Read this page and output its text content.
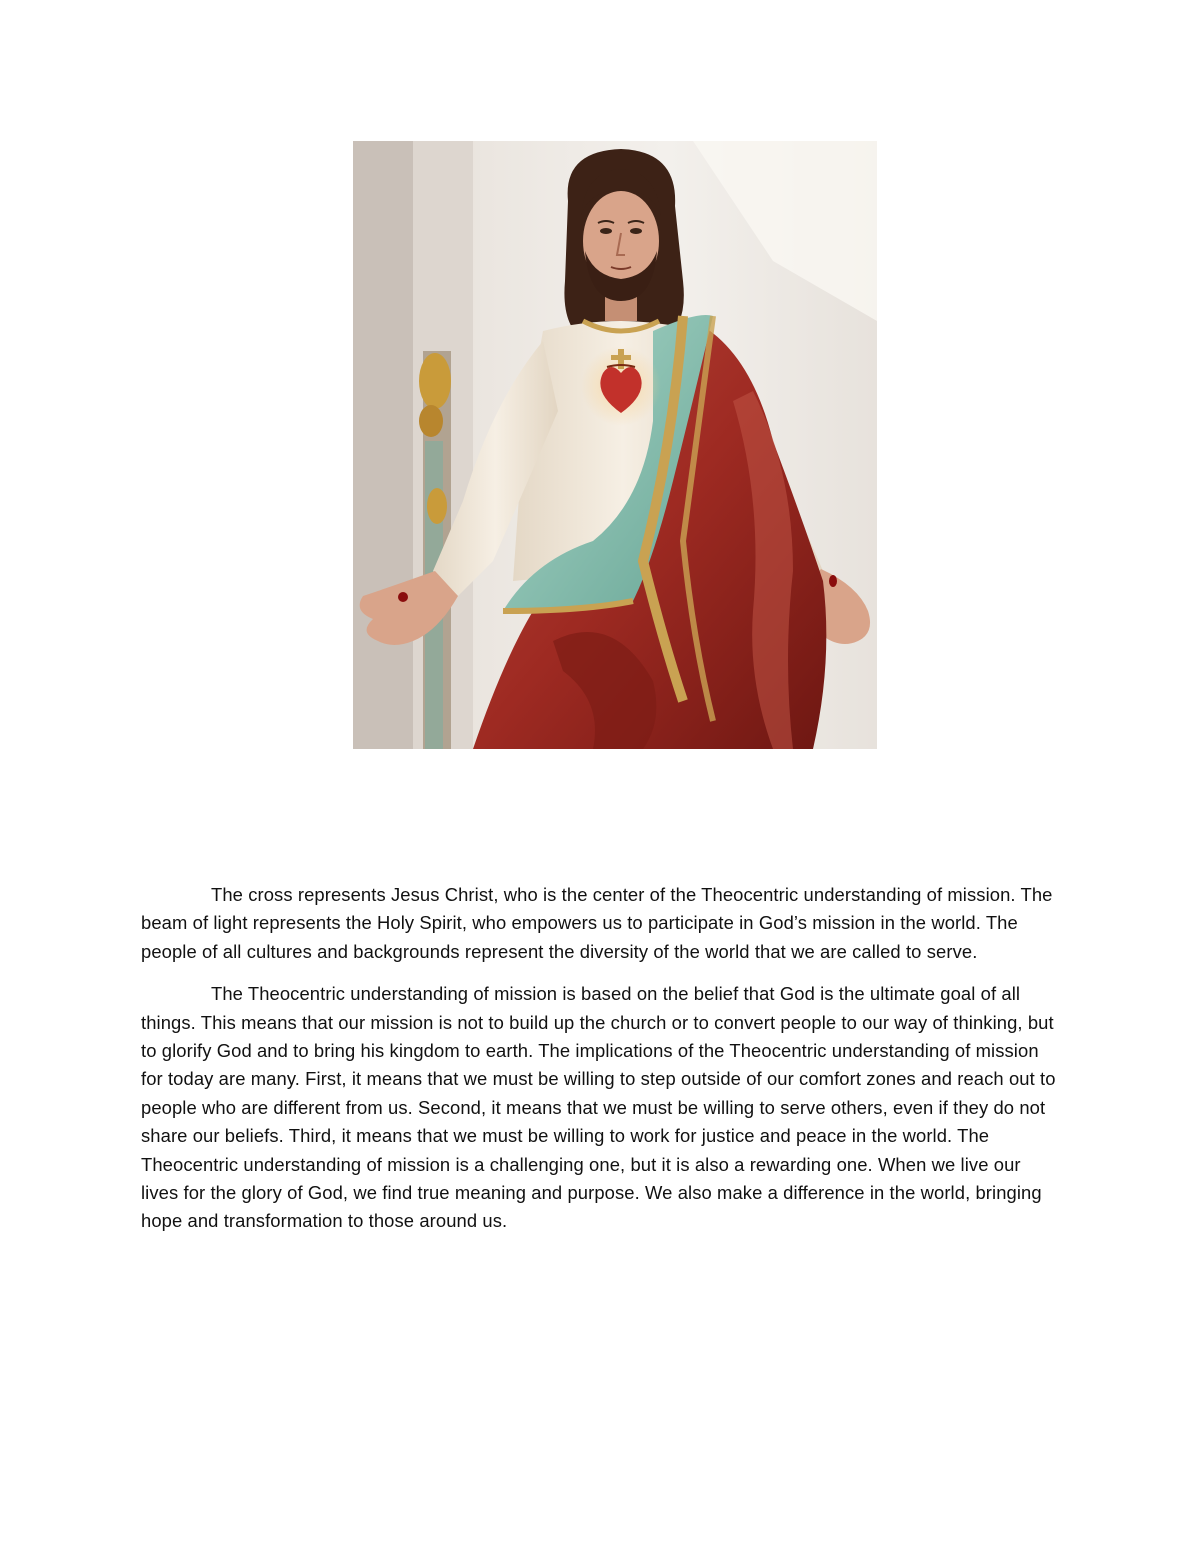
The cross represents Jesus Christ, who is the center of the Theocentric understanding of mission. The beam of light represents the Holy Spirit, who empowers us to participate in God’s mission in the world. The people of all cultures and backgrounds represent the diversity of the world that we are called to serve.

The Theocentric understanding of mission is based on the belief that God is the ultimate goal of all things. This means that our mission is not to build up the church or to convert people to our way of thinking, but to glorify God and to bring his kingdom to earth. The implications of the Theocentric understanding of mission for today are many. First, it means that we must be willing to step outside of our comfort zones and reach out to people who are different from us. Second, it means that we must be willing to serve others, even if they do not share our beliefs. Third, it means that we must be willing to work for justice and peace in the world. The Theocentric understanding of mission is a challenging one, but it is also a rewarding one. When we live our lives for the glory of God, we find true meaning and purpose. We also make a difference in the world, bringing hope and transformation to those around us.
